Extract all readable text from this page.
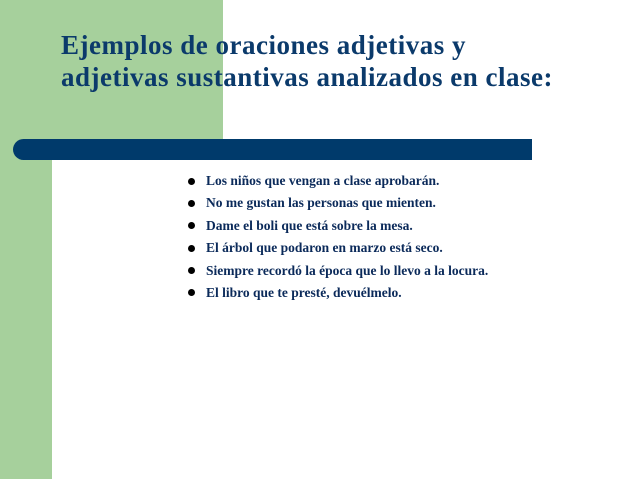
Ejemplos de oraciones adjetivas y adjetivas sustantivas analizados en clase:
Los niños que vengan a clase aprobarán.
No me gustan las personas que mienten.
Dame el boli que está sobre la mesa.
El árbol que podaron en marzo está seco.
Siempre recordó la época que lo llevo a la locura.
El libro que te presté, devuélmelo.
